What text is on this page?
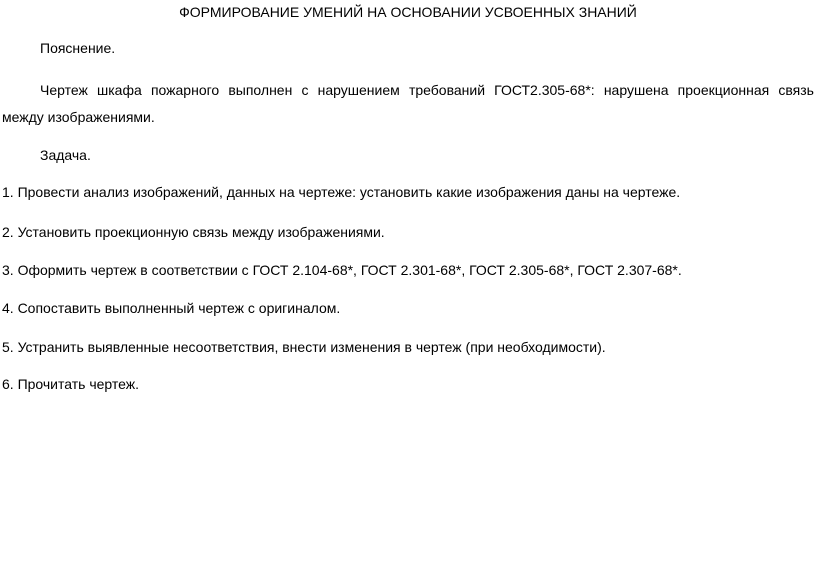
ФОРМИРОВАНИЕ УМЕНИЙ НА ОСНОВАНИИ УСВОЕННЫХ ЗНАНИЙ
Пояснение.
Чертеж шкафа пожарного выполнен с нарушением требований ГОСТ2.305-68*: нарушена проекционная связь
между изображениями.
Задача.
1. Провести анализ изображений, данных на чертеже: установить какие изображения даны на чертеже.
2. Установить проекционную связь между изображениями.
3. Оформить чертеж в соответствии с ГОСТ 2.104-68*, ГОСТ 2.301-68*, ГОСТ 2.305-68*, ГОСТ 2.307-68*.
4. Сопоставить выполненный чертеж с оригиналом.
5. Устранить выявленные несоответствия, внести изменения в чертеж (при необходимости).
6. Прочитать чертеж.
